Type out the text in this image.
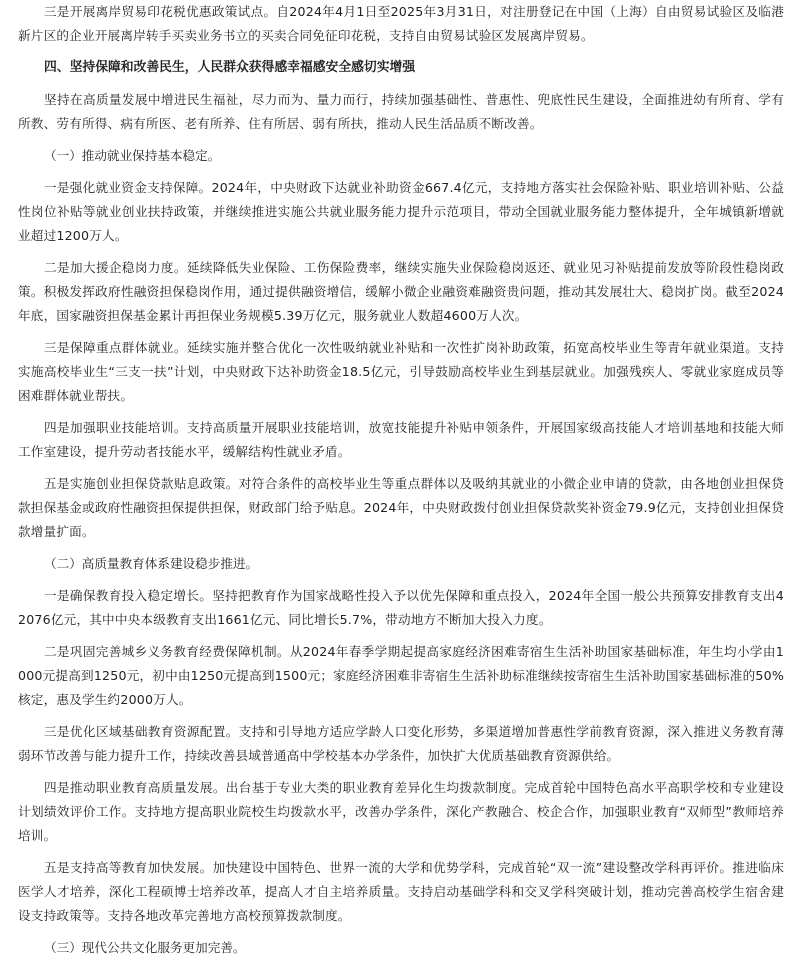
三是开展离岸贸易印花税优惠政策试点。自2024年4月1日至2025年3月31日，对注册登记在中国（上海）自由贸易试验区及临港新片区的企业开展离岸转手买卖业务书立的买卖合同免征印花税，支持自由贸易试验区发展离岸贸易。

四、坚持保障和改善民生，人民群众获得感幸福感安全感切实增强

坚持在高质量发展中增进民生福祉，尽力而为、量力而行，持续加强基础性、普惠性、兜底性民生建设，全面推进幼有所育、学有所教、劳有所得、病有所医、老有所养、住有所居、弱有所扶，推动人民生活品质不断改善。

（一）推动就业保持基本稳定。

一是强化就业资金支持保障。2024年，中央财政下达就业补助资金667.4亿元，支持地方落实社会保险补贴、职业培训补贴、公益性岗位补贴等就业创业扶持政策，并继续推进实施公共就业服务能力提升示范项目，带动全国就业服务能力整体提升，全年城镇新增就业超过1200万人。

二是加大援企稳岗力度。延续降低失业保险、工伤保险费率，继续实施失业保险稳岗返还、就业见习补贴提前发放等阶段性稳岗政策。积极发挥政府性融资担保稳岗作用，通过提供融资增信，缓解小微企业融资难融资贵问题，推动其发展壮大、稳岗扩岗。截至2024年底，国家融资担保基金累计再担保业务规模5.39万亿元，服务就业人数超4600万人次。

三是保障重点群体就业。延续实施并整合优化一次性吸纳就业补贴和一次性扩岗补助政策，拓宽高校毕业生等青年就业渠道。支持实施高校毕业生“三支一扶”计划，中央财政下达补助资金18.5亿元，引导鼓励高校毕业生到基层就业。加强残疾人、零就业家庭成员等困难群体就业帮扶。

四是加强职业技能培训。支持高质量开展职业技能培训，放宽技能提升补贴申领条件，开展国家级高技能人才培训基地和技能大师工作室建设，提升劳动者技能水平，缓解结构性就业矛盾。

五是实施创业担保贷款贴息政策。对符合条件的高校毕业生等重点群体以及吸纳其就业的小微企业申请的贷款，由各地创业担保贷款担保基金或政府性融资担保提供担保，财政部门给予贴息。2024年，中央财政拨付创业担保贷款奖补资金79.9亿元，支持创业担保贷款增量扩面。

（二）高质量教育体系建设稳步推进。

一是确保教育投入稳定增长。坚持把教育作为国家战略性投入予以优先保障和重点投入，2024年全国一般公共预算安排教育支出42076亿元，其中中央本级教育支出1661亿元、同比增长5.7%，带动地方不断加大投入力度。

二是巩固完善城乡义务教育经费保障机制。从2024年春季学期起提高家庭经济困难寄宿生生活补助国家基础标准，年生均小学由1000元提高到1250元，初中由1250元提高到1500元；家庭经济困难非寄宿生生活补助标准继续按寄宿生生活补助国家基础标准的50%核定，惠及学生约2000万人。

三是优化区域基础教育资源配置。支持和引导地方适应学龄人口变化形势，多渠道增加普惠性学前教育资源，深入推进义务教育薄弱环节改善与能力提升工作，持续改善县域普通高中学校基本办学条件，加快扩大优质基础教育资源供给。

四是推动职业教育高质量发展。出台基于专业大类的职业教育差异化生均拨款制度。完成首轮中国特色高水平高职学校和专业建设计划绩效评价工作。支持地方提高职业院校生均拨款水平，改善办学条件，深化产教融合、校企合作，加强职业教育“双师型”教师培养培训。

五是支持高等教育加快发展。加快建设中国特色、世界一流的大学和优势学科，完成首轮“双一流”建设整改学科再评价。推进临床医学人才培养，深化工程硕博士培养改革，提高人才自主培养质量。支持启动基础学科和交叉学科突破计划，推动完善高校学生宿舍建设支持政策等。支持各地改革完善地方高校预算拨款制度。

（三）现代公共文化服务更加完善。
